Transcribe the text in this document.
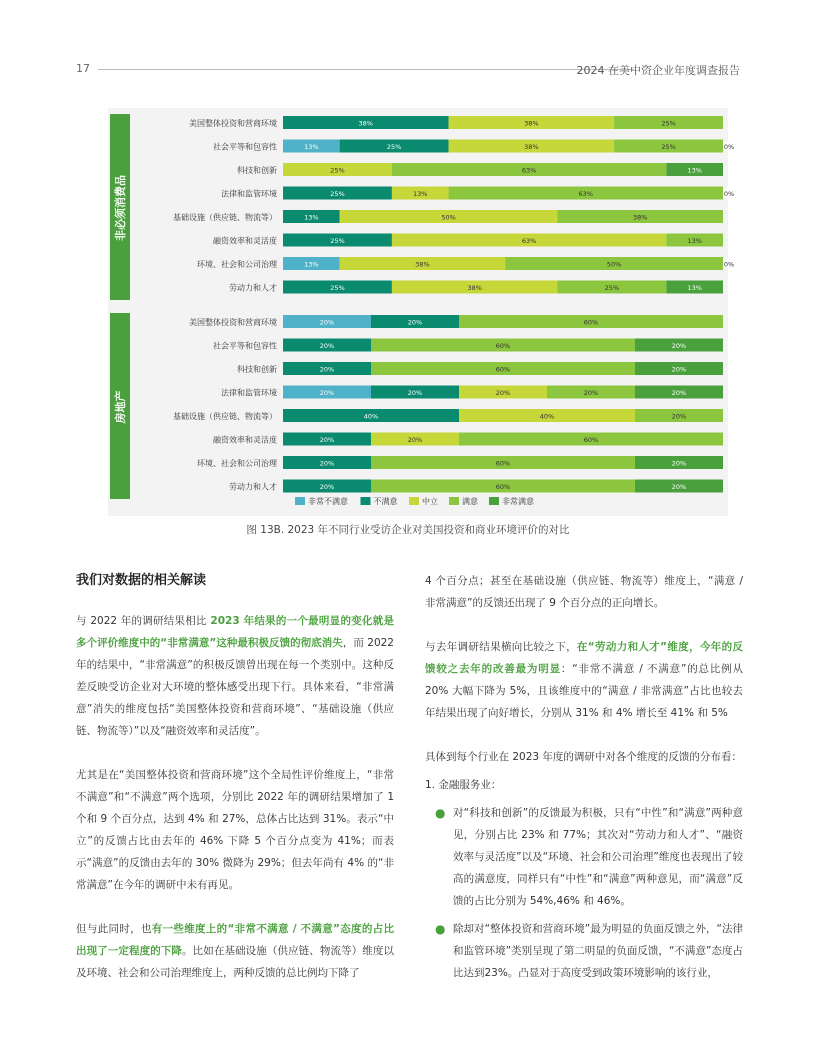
17	2024 在美中资企业年度调查报告
非必须消费品
美国整体投资和营商环境	38%	38%	25%
社会平等和包容性	13%	25%	38%	25%	0%
科技和创新	25%	63%	13%
法律和监管环境	25%	13%	63%	0%
基础设施（供应链、物流等）	13%	50%	38%
融资效率和灵活度	25%	63%	13%
环境、社会和公司治理	13%	38%	50%	0%
劳动力和人才	25%	38%	25%	13%
房地产
美国整体投资和营商环境	20%	20%	60%
社会平等和包容性	20%	60%	20%
科技和创新	20%	60%	20%
法律和监管环境	20%	20%	20%	20%	20%
基础设施（供应链、物流等）	40%	40%	20%
融资效率和灵活度	20%	20%	60%
环境、社会和公司治理	20%	60%	20%
劳动力和人才	20%	60%	20%
非常不满意	不满意	中立	满意	非常满意
图 13B. 2023 年不同行业受访企业对美国投资和商业环境评价的对比
我们对数据的相关解读

与 2022 年的调研结果相比 2023 年结果的一个最明显的变化就是多个评价维度中的“非常满意”这种最积极反馈的彻底消失，而 2022 年的结果中，“非常满意”的积极反馈曾出现在每一个类别中。这种反差反映受访企业对大环境的整体感受出现下行。具体来看，“非常满意”消失的维度包括“美国整体投资和营商环境”、“基础设施（供应链、物流等）”以及“融资效率和灵活度”。

尤其是在“美国整体投资和营商环境”这个全局性评价维度上，“非常不满意”和“不满意”两个选项，分别比 2022 年的调研结果增加了 1 个和 9 个百分点，达到 4% 和 27%，总体占比达到 31%。表示“中立”的反馈占比由去年的 46% 下降 5 个百分点变为 41%；而表示“满意”的反馈由去年的 30% 微降为 29%；但去年尚有 4% 的“非常满意”在今年的调研中未有再见。

但与此同时，也有一些维度上的“非常不满意 / 不满意”态度的占比出现了一定程度的下降。比如在基础设施（供应链、物流等）维度以及环境、社会和公司治理维度上，两种反馈的总比例均下降了

4 个百分点；甚至在基础设施（供应链、物流等）维度上，“满意 / 非常满意”的反馈还出现了 9 个百分点的正向增长。

与去年调研结果横向比较之下，在“劳动力和人才”维度，今年的反馈较之去年的改善最为明显：“非常不满意 / 不满意”的总比例从 20% 大幅下降为 5%，且该维度中的“满意 / 非常满意”占比也较去年结果出现了向好增长，分别从 31% 和 4% 增长至 41% 和 5%

具体到每个行业在 2023 年度的调研中对各个维度的反馈的分布看：

1. 金融服务业：

● 对“科技和创新”的反馈最为积极，只有“中性”和“满意”两种意见，分别占比 23% 和 77%；其次对“劳动力和人才”、“融资效率与灵活度”以及“环境、社会和公司治理”维度也表现出了较高的满意度，同样只有“中性”和“满意”两种意见，而“满意”反馈的占比分别为 54%,46% 和 46%。

● 除却对“整体投资和营商环境”最为明显的负面反馈之外，“法律和监管环境”类别呈现了第二明显的负面反馈，“不满意”态度占比达到23%。凸显对于高度受到政策环境影响的该行业，
